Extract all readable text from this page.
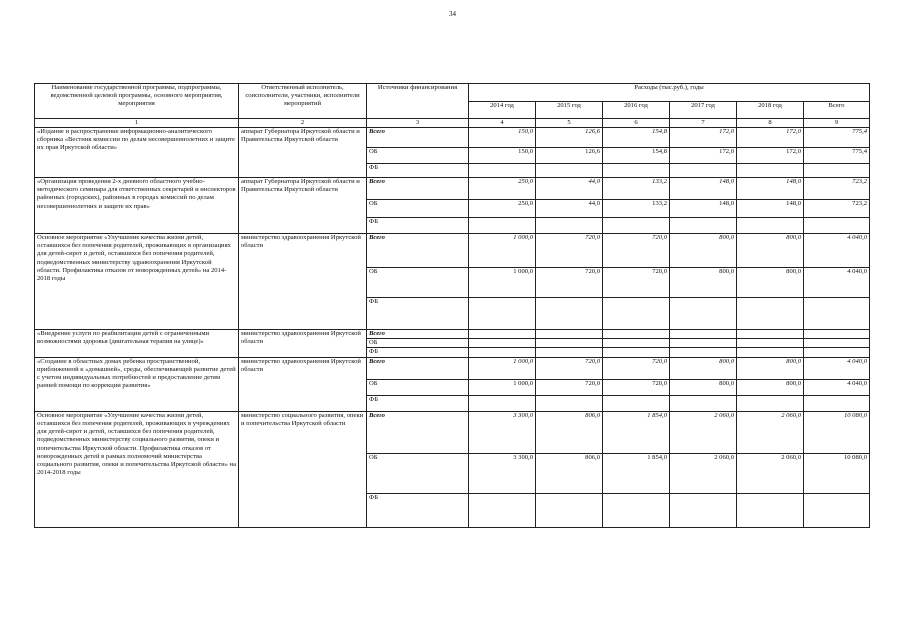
34
Наименование государственной программы, подпрограммы, ведомственной целевой программы, основного мероприятия, мероприятия	Ответственный исполнитель, соисполнители, участники, исполнители мероприятий	Источники финансирования	Расходы (тыс.руб.), годы					
			2014 год	2015 год	2016 год	2017 год	2018 год	Всего
1	2	3	4	5	6	7	8	9
«Издание и распространение информационно-аналитического сборника «Вестник комиссии по делам несовершеннолетних и защите их прав Иркутской области»	аппарат Губернатора Иркутской области и Правительства Иркутской области	Всего	150,0	126,6	154,8	172,0	172,0	775,4
		ОБ	150,0	126,6	154,8	172,0	172,0	775,4
		ФБ						
«Организация проведения 2-х дневного областного учебно-методического семинара для ответственных секретарей и инспекторов районных (городских), районных в городах комиссий по делам несовершеннолетних и защите их прав»	аппарат Губернатора Иркутской области и Правительства Иркутской области	Всего	250,0	44,0	133,2	148,0	148,0	723,2
		ОБ	250,0	44,0	133,2	148,0	148,0	723,2
		ФБ						
Основное мероприятие «Улучшение качества жизни детей, оставшихся без попечения родителей, проживающих в организациях для детей-сирот и детей, оставшихся без попечения родителей, подведомственных министерству здравоохранения Иркутской области. Профилактика отказов от новорожденных детей» на 2014-2018 годы	министерство здравоохранения Иркутской области	Всего	1 000,0	720,0	720,0	800,0	800,0	4 040,0
		ОБ	1 000,0	720,0	720,0	800,0	800,0	4 040,0
		ФБ						
«Внедрение услуги по реабилитации детей с ограниченными возможностями здоровья (двигательная терапия на улице)»	министерство здравоохранения Иркутской области	Всего						
		ОБ						
		ФБ						
«Создание в областных домах ребенка пространственной, приближенной к «домашней», среды, обеспечивающей развитие детей с учетом индивидуальных потребностей и предоставление детям ранней помощи по коррекции развития»	министерство здравоохранения Иркутской области	Всего	1 000,0	720,0	720,0	800,0	800,0	4 040,0
		ОБ	1 000,0	720,0	720,0	800,0	800,0	4 040,0
		ФБ						
Основное мероприятие «Улучшение качества жизни детей, оставшихся без попечения родителей, проживающих в учреждениях для детей-сирот и детей, оставшихся без попечения родителей, подведомственных министерству социального развития, опеки и попечительства Иркутской области. Профилактика отказов от новорожденных детей в рамках полномочий министерства социального развития, опеки и попечительства Иркутской области» на 2014-2018 годы	министерство социального развития, опеки и попечительства Иркутской области	Всего	3 300,0	806,0	1 854,0	2 060,0	2 060,0	10 080,0
		ОБ	3 300,0	806,0	1 854,0	2 060,0	2 060,0	10 080,0
		ФБ						
